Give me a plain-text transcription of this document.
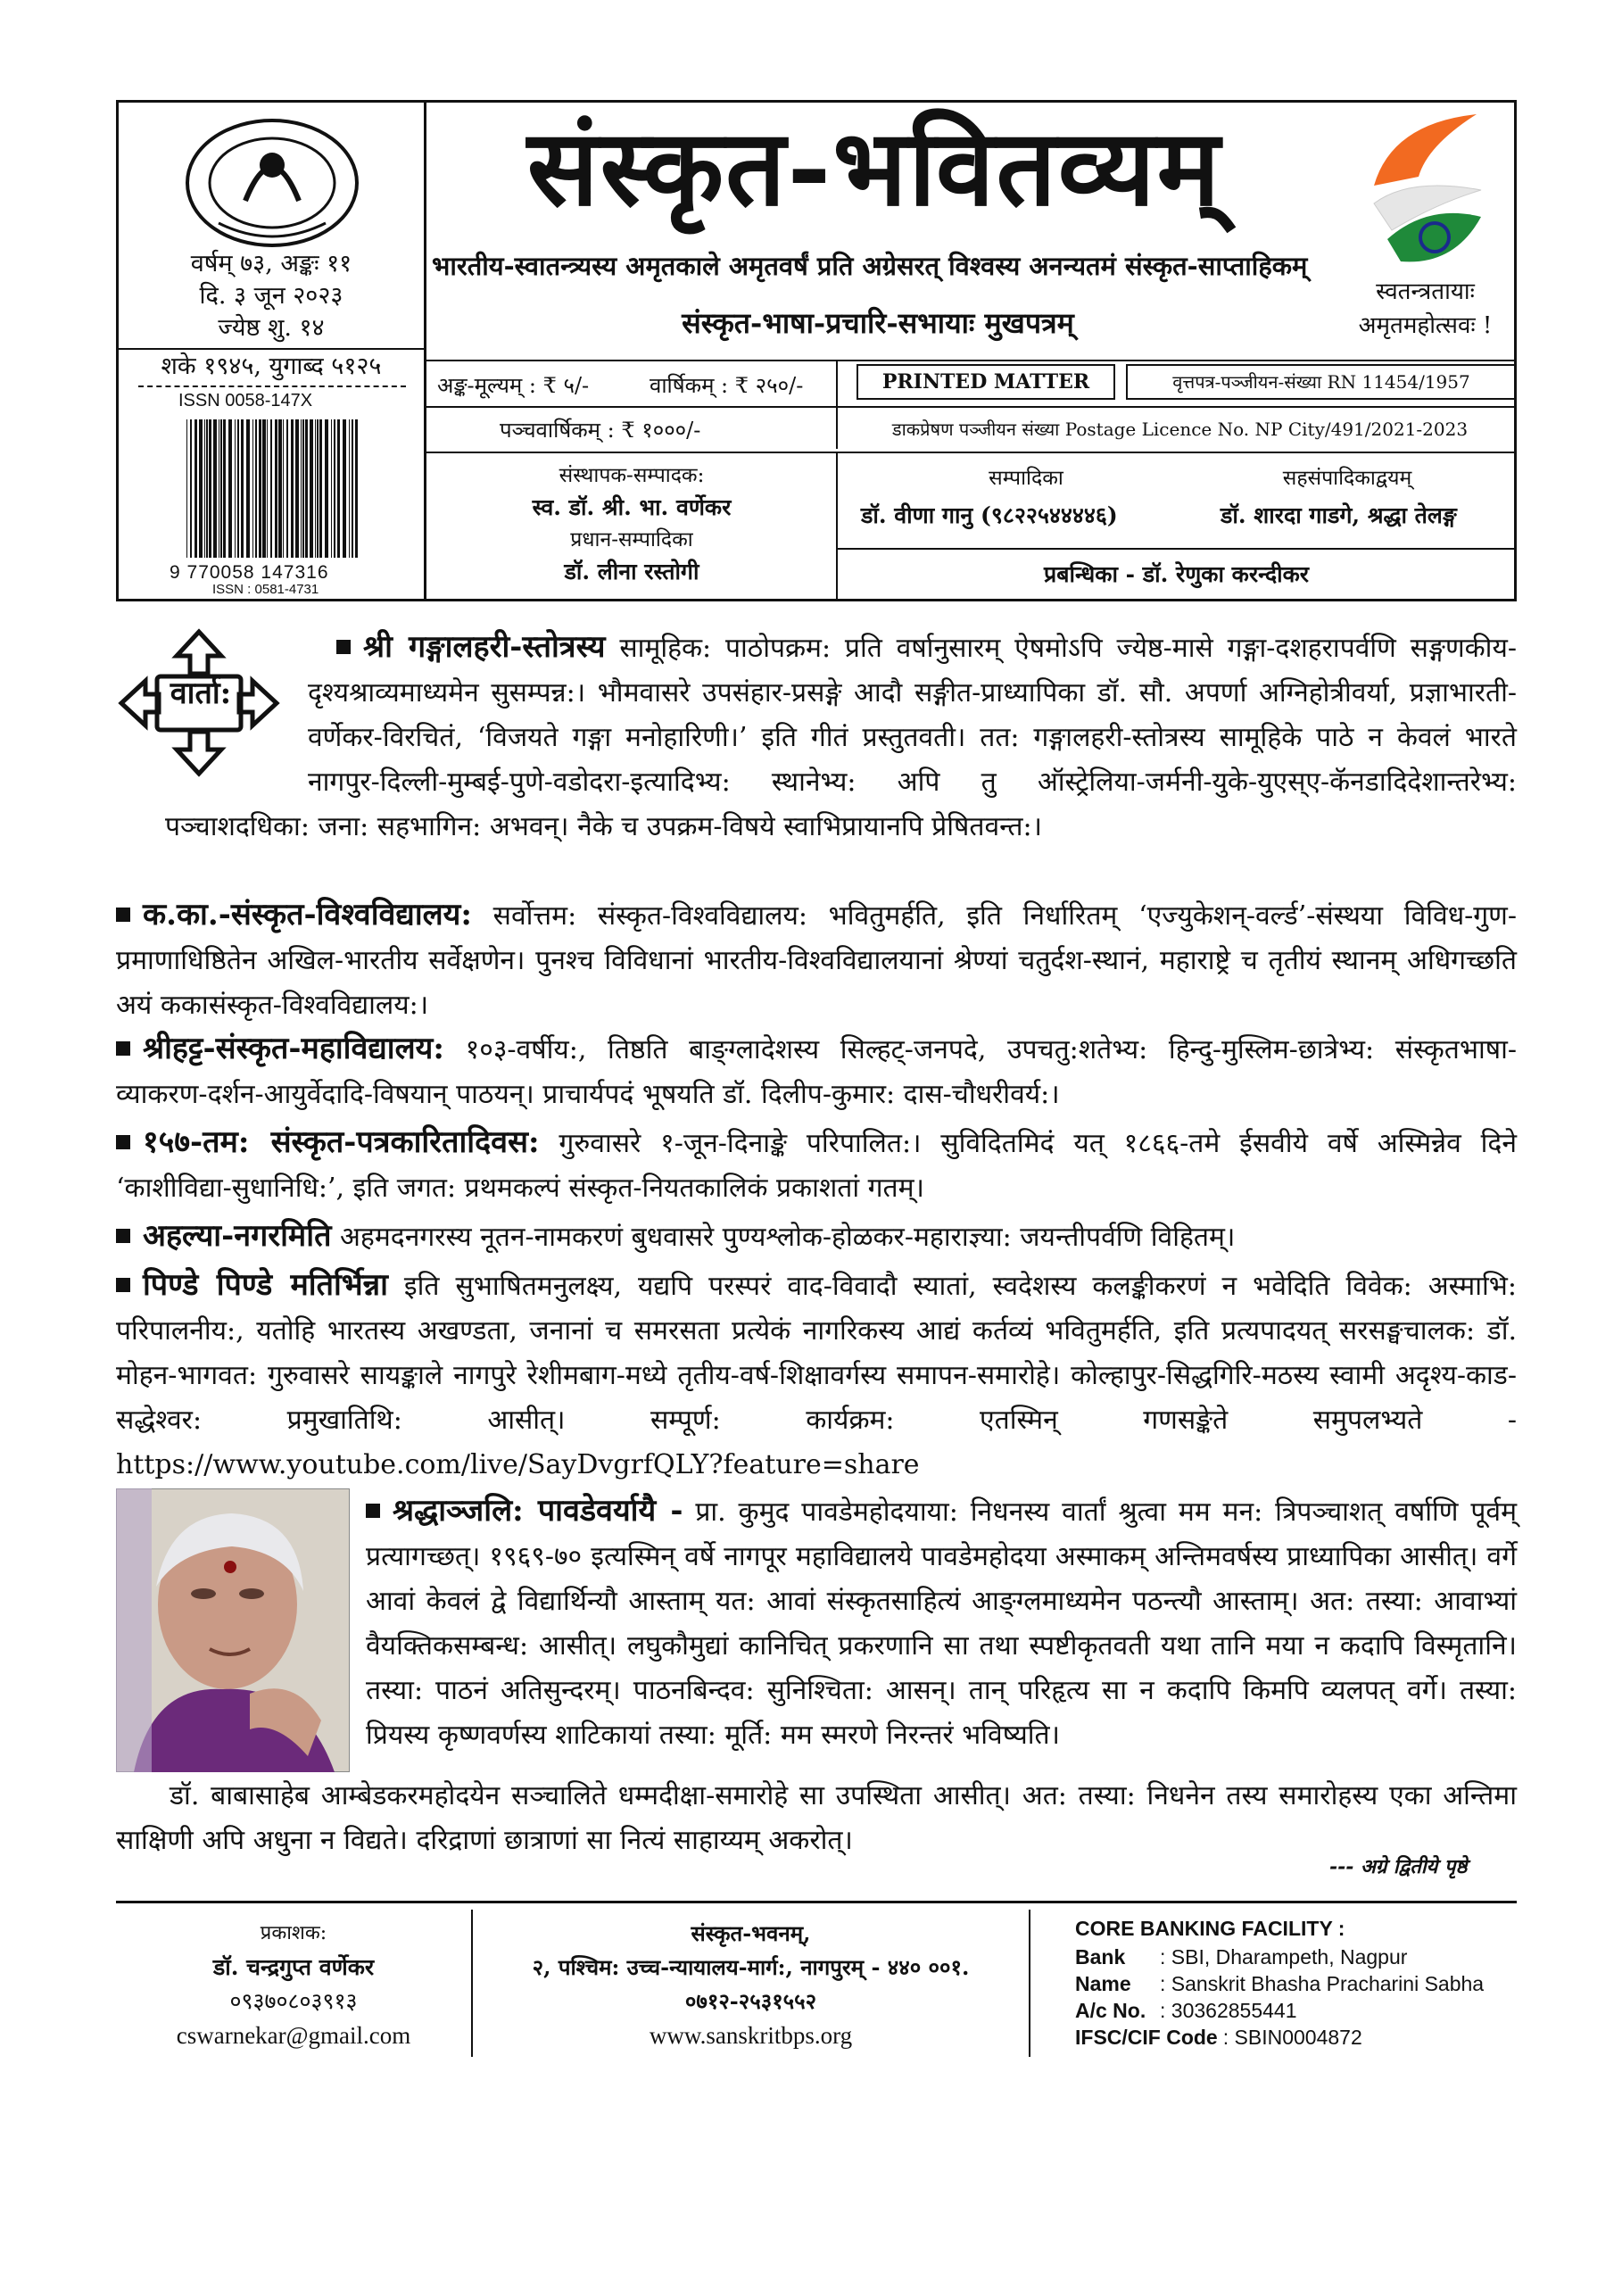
वर्षम् ७३, अङ्कः ११
दि. ३ जून २०२३
ज्येष्ठ शु. १४
शके १९४५, युगाब्द ५१२५
ISSN 0058-147X
9 770058 147316
ISSN : 0581-4731
संस्कृत-भवितव्यम्
भारतीय-स्वातन्त्र्यस्य अमृतकाले अमृतवर्षं प्रति अग्रेसरत् विश्वस्य अनन्यतमं संस्कृत-साप्ताहिकम्
संस्कृत-भाषा-प्रचारि-सभायाः मुखपत्रम्
स्वतन्त्रतायाः अमृतमहोत्सवः !
अङ्क-मूल्यम् : ₹ ५/-	वार्षिकम् : ₹ २५०/-	PRINTED MATTER	वृत्तपत्र-पञ्जीयन-संख्या RN 11454/1957
पञ्चवार्षिकम् : ₹ १०००/-	डाकप्रेषण पञ्जीयन संख्या Postage Licence No. NP City/491/2021-2023
संस्थापक-सम्पादक:
स्व. डॉ. श्री. भा. वर्णेकर
प्रधान-सम्पादिका
डॉ. लीना रस्तोगी
सम्पादिका	सहसंपादिकाद्वयम्
डॉ. वीणा गानु (९८२२५४४४४६)	डॉ. शारदा गाडगे, श्रद्धा तेलङ्ग
प्रबन्धिका - डॉ. रेणुका करन्दीकर
वार्ता:
श्री गङ्गालहरी-स्तोत्रस्य सामूहिक: पाठोपक्रम: प्रति वर्षानुसारम् ऐषमोऽपि ज्येष्ठ-मासे गङ्गा-दशहरापर्वणि सङ्गणकीय-दृश्यश्राव्यमाध्यमेन सुसम्पन्न:। भौमवासरे उपसंहार-प्रसङ्गे आदौ सङ्गीत-प्राध्यापिका डॉ. सौ. अपर्णा अग्निहोत्रीवर्या, प्रज्ञाभारती-वर्णेकर-विरचितं, ‘विजयते गङ्गा मनोहारिणी।’ इति गीतं प्रस्तुतवती। तत: गङ्गालहरी-स्तोत्रस्य सामूहिके पाठे न केवलं भारते नागपुर-दिल्ली-मुम्बई-पुणे-वडोदरा-इत्यादिभ्य: स्थानेभ्य: अपि तु ऑस्ट्रेलिया-जर्मनी-युके-युएस्ए-कॅनडादिदेशान्तरेभ्य: पञ्चाशदधिका: जना: सहभागिन: अभवन्। नैके च उपक्रम-विषये स्वाभिप्रायानपि प्रेषितवन्त:।
क.का.-संस्कृत-विश्वविद्यालय: सर्वोत्तम: संस्कृत-विश्वविद्यालय: भवितुमर्हति, इति निर्धारितम् ‘एज्युकेशन्-वर्ल्ड’-संस्थया विविध-गुण-प्रमाणाधिष्ठितेन अखिल-भारतीय सर्वेक्षणेन। पुनश्च विविधानां भारतीय-विश्वविद्यालयानां श्रेण्यां चतुर्दश-स्थानं, महाराष्ट्रे च तृतीयं स्थानम् अधिगच्छति अयं ककासंस्कृत-विश्वविद्यालय:।
श्रीहट्ट-संस्कृत-महाविद्यालय: १०३-वर्षीय:, तिष्ठति बाङ्ग्लादेशस्य सिल्हट्-जनपदे, उपचतु:शतेभ्य: हिन्दु-मुस्लिम-छात्रेभ्य: संस्कृतभाषा-व्याकरण-दर्शन-आयुर्वेदादि-विषयान् पाठयन्। प्राचार्यपदं भूषयति डॉ. दिलीप-कुमार: दास-चौधरीवर्य:।
१५७-तम: संस्कृत-पत्रकारितादिवस: गुरुवासरे १-जून-दिनाङ्के परिपालित:। सुविदितमिदं यत् १८६६-तमे ईसवीये वर्षे अस्मिन्नेव दिने ‘काशीविद्या-सुधानिधि:’, इति जगत: प्रथमकल्पं संस्कृत-नियतकालिकं प्रकाशतां गतम्।
अहल्या-नगरमिति अहमदनगरस्य नूतन-नामकरणं बुधवासरे पुण्यश्लोक-होळकर-महाराज्ञ्या: जयन्तीपर्वणि विहितम्।
पिण्डे पिण्डे मतिर्भिन्ना इति सुभाषितमनुलक्ष्य, यद्यपि परस्परं वाद-विवादौ स्यातां, स्वदेशस्य कलङ्कीकरणं न भवेदिति विवेक: अस्माभि: परिपालनीय:, यतोहि भारतस्य अखण्डता, जनानां च समरसता प्रत्येकं नागरिकस्य आद्यं कर्तव्यं भवितुमर्हति, इति प्रत्यपादयत् सरसङ्घचालक: डॉ. मोहन-भागवत: गुरुवासरे सायङ्काले नागपुरे रेशीमबाग-मध्ये तृतीय-वर्ष-शिक्षावर्गस्य समापन-समारोहे। कोल्हापुर-सिद्धगिरि-मठस्य स्वामी अदृश्य-काड-सद्धेश्वर: प्रमुखातिथि: आसीत्। सम्पूर्ण: कार्यक्रम: एतस्मिन् गणसङ्केते समुपलभ्यते - https://www.youtube.com/live/SayDvgrfQLY?feature=share
श्रद्धाञ्जलि: पावडेवर्यायै - प्रा. कुमुद पावडेमहोदयाया: निधनस्य वार्तां श्रुत्वा मम मन: त्रिपञ्चाशत् वर्षाणि पूर्वम् प्रत्यागच्छत्। १९६९-७० इत्यस्मिन् वर्षे नागपूर महाविद्यालये पावडेमहोदया अस्माकम् अन्तिमवर्षस्य प्राध्यापिका आसीत्। वर्गे आवां केवलं द्वे विद्यार्थिन्यौ आस्ताम् यत: आवां संस्कृतसाहित्यं आङ्ग्लमाध्यमेन पठन्त्यौ आस्ताम्। अत: तस्या: आवाभ्यां वैयक्तिकसम्बन्ध: आसीत्। लघुकौमुद्यां कानिचित् प्रकरणानि सा तथा स्पष्टीकृतवती यथा तानि मया न कदापि विस्मृतानि। तस्या: पाठनं अतिसुन्दरम्। पाठनबिन्दव: सुनिश्चिता: आसन्। तान् परिहृत्य सा न कदापि किमपि व्यलपत् वर्गे। तस्या: प्रियस्य कृष्णवर्णस्य शाटिकायां तस्या: मूर्ति: मम स्मरणे निरन्तरं भविष्यति।
डॉ. बाबासाहेब आम्बेडकरमहोदयेन सञ्चालिते धम्मदीक्षा-समारोहे सा उपस्थिता आसीत्। अत: तस्या: निधनेन तस्य समारोहस्य एका अन्तिमा साक्षिणी अपि अधुना न विद्यते। दरिद्राणां छात्राणां सा नित्यं साहाय्यम् अकरोत्।
--- अग्रे द्वितीये पृष्ठे
प्रकाशक:
डॉ. चन्द्रगुप्त वर्णेकर
०९३७०८०३९१३
cswarnekar@gmail.com
संस्कृत-भवनम्,
२, पश्चिम: उच्च-न्यायालय-मार्ग:, नागपुरम् - ४४० ००१.
०७१२-२५३१५५२
www.sanskritbps.org
CORE BANKING FACILITY :
Bank	: SBI, Dharampeth, Nagpur
Name	: Sanskrit Bhasha Pracharini Sabha
A/c No. : 30362855441
IFSC/CIF Code : SBIN0004872
